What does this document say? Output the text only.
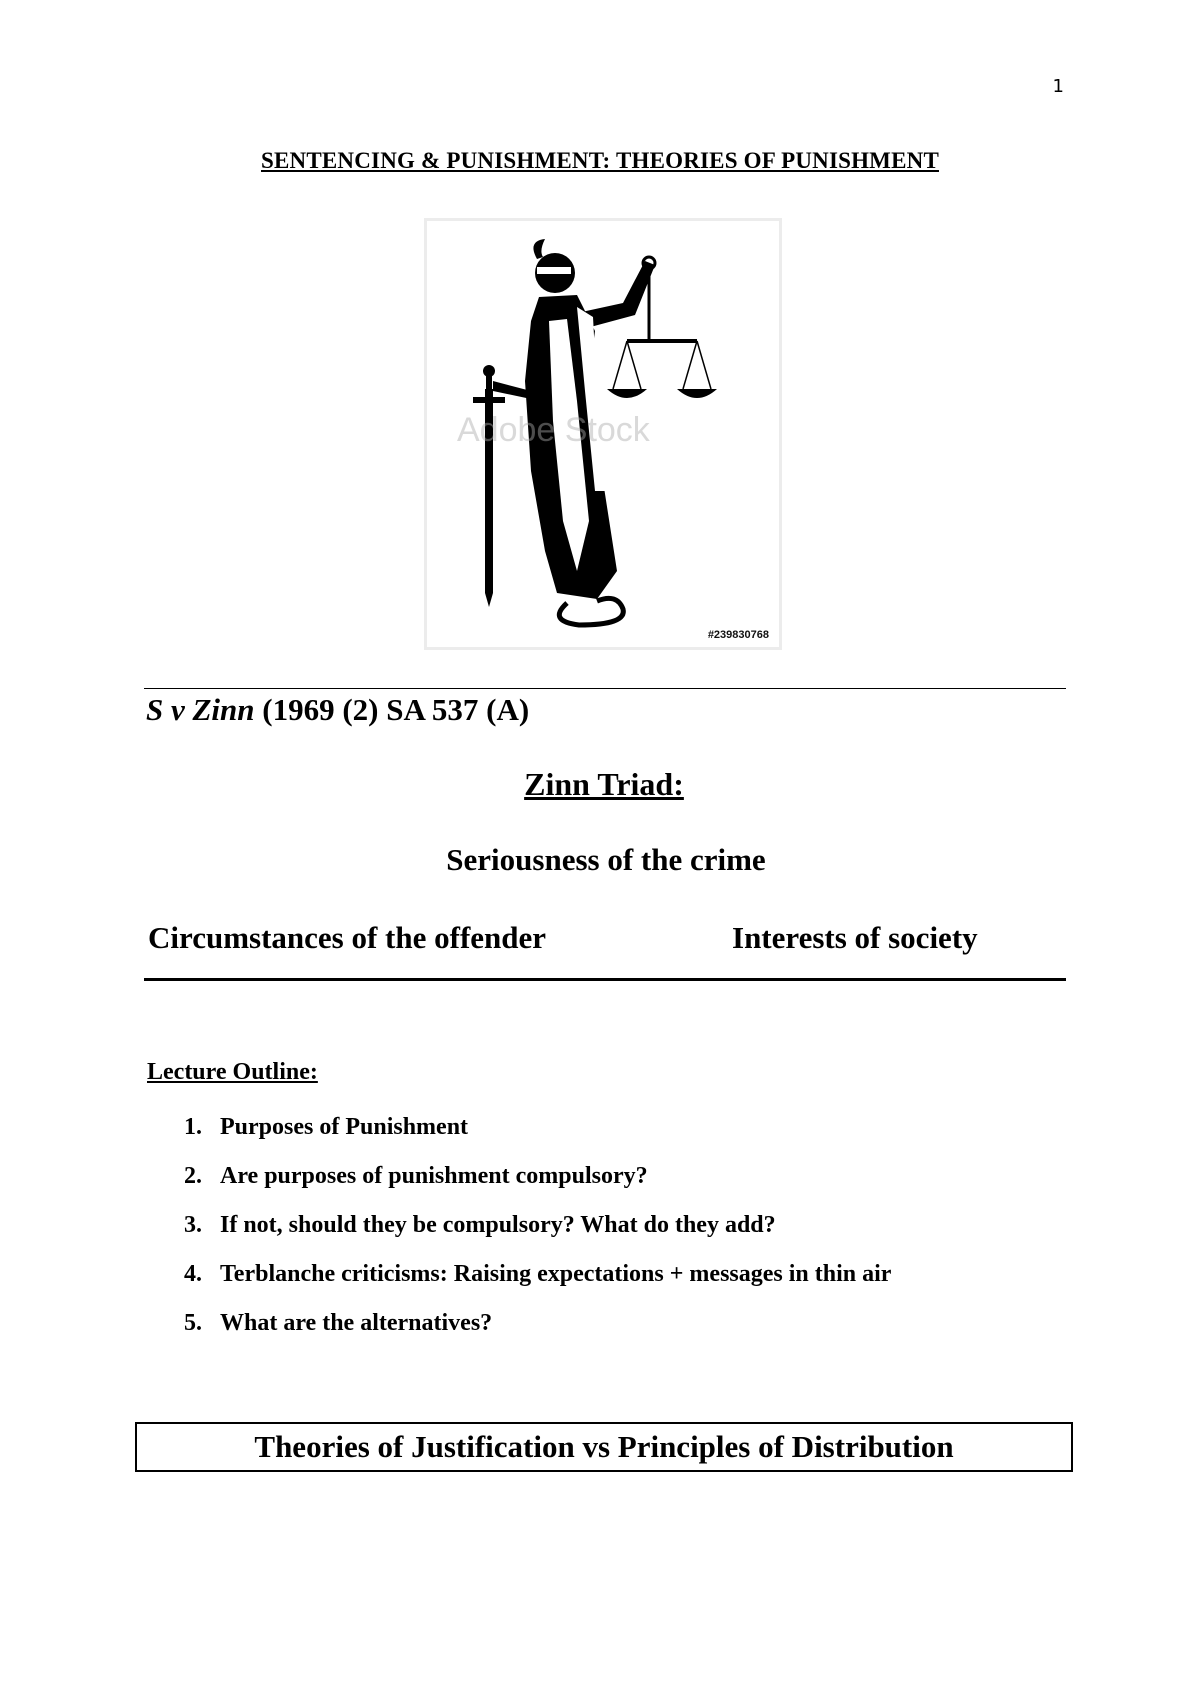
1
SENTENCING & PUNISHMENT: THEORIES OF PUNISHMENT
Adobe Stock
#239830768
S v Zinn (1969 (2) SA 537 (A)
Zinn Triad:
Seriousness of the crime
Circumstances of the offender	Interests of society
Lecture Outline:
1. Purposes of Punishment
2. Are purposes of punishment compulsory?
3. If not, should they be compulsory? What do they add?
4. Terblanche criticisms: Raising expectations + messages in thin air
5. What are the alternatives?
Theories of Justification vs Principles of Distribution
